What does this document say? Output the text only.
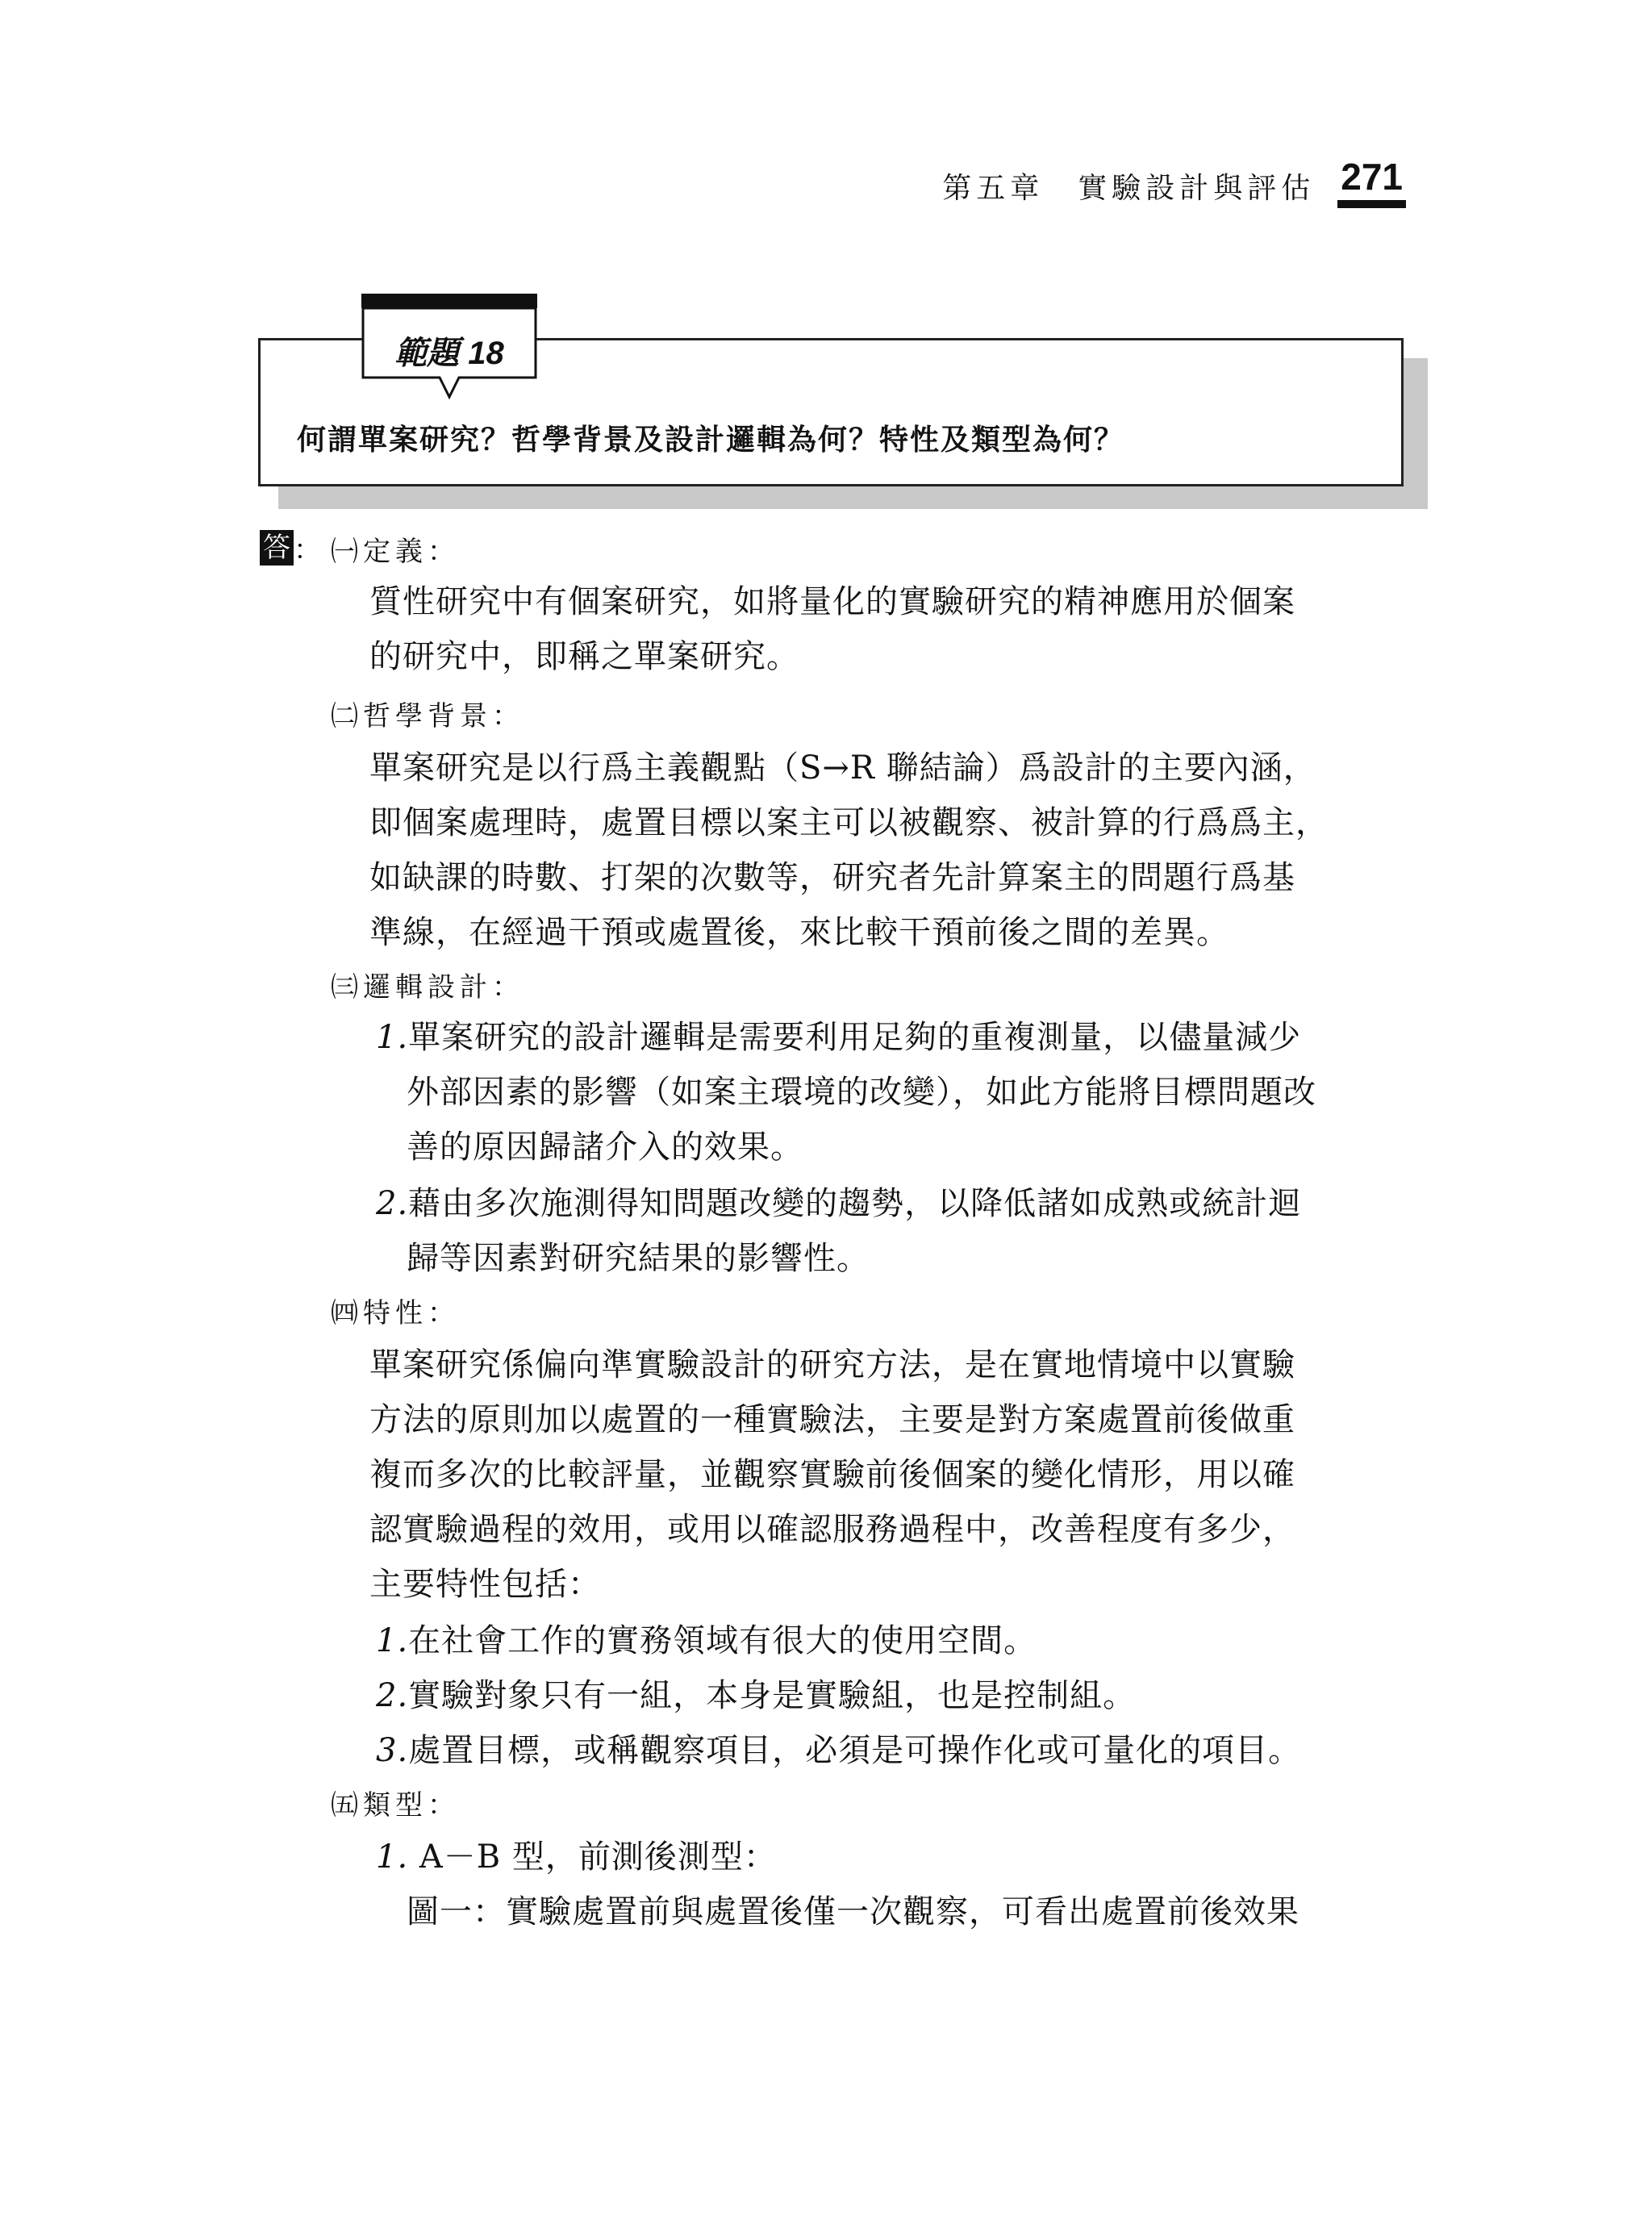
第五章　實驗設計與評估 271
範題 18
何謂單案研究？哲學背景及設計邏輯為何？特性及類型為何？
答 ： ㈠定義：
質性研究中有個案研究，如將量化的實驗研究的精神應用於個案
的研究中，即稱之單案研究。
㈡哲學背景：
單案研究是以行爲主義觀點（S→R 聯結論）爲設計的主要內涵，
即個案處理時，處置目標以案主可以被觀察、被計算的行爲爲主，
如缺課的時數、打架的次數等，研究者先計算案主的問題行爲基
準線，在經過干預或處置後，來比較干預前後之間的差異。
㈢邏輯設計：
1.單案研究的設計邏輯是需要利用足夠的重複測量，以儘量減少
外部因素的影響（如案主環境的改變），如此方能將目標問題改
善的原因歸諸介入的效果。
2.藉由多次施測得知問題改變的趨勢，以降低諸如成熟或統計迴
歸等因素對研究結果的影響性。
㈣特性：
單案研究係偏向準實驗設計的研究方法，是在實地情境中以實驗
方法的原則加以處置的一種實驗法，主要是對方案處置前後做重
複而多次的比較評量，並觀察實驗前後個案的變化情形，用以確
認實驗過程的效用，或用以確認服務過程中，改善程度有多少，
主要特性包括：
1.在社會工作的實務領域有很大的使用空間。
2.實驗對象只有一組，本身是實驗組，也是控制組。
3.處置目標，或稱觀察項目，必須是可操作化或可量化的項目。
㈤類型：
1. A－B 型，前測後測型：
圖一：實驗處置前與處置後僅一次觀察，可看出處置前後效果
